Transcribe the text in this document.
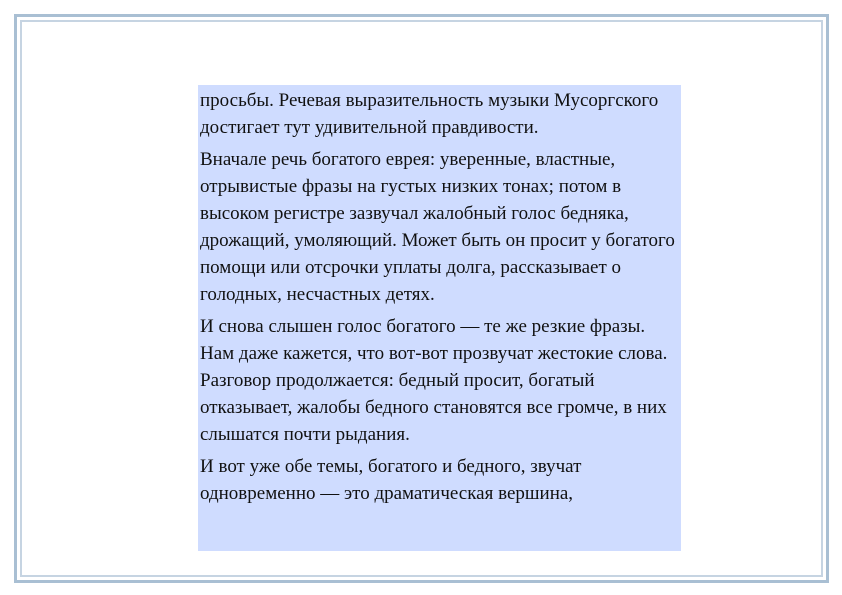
просьбы. Речевая выразительность музыки Мусоргского достигает тут удивительной правдивости.

Вначале речь богатого еврея: уверенные, властные, отрывистые фразы на густых низких тонах; потом в высоком регистре зазвучал жалобный голос бедняка, дрожащий, умоляющий. Может быть он просит у богатого помощи или отсрочки уплаты долга, рассказывает о голодных, несчастных детях.

И снова слышен голос богатого — те же резкие фразы. Нам даже кажется, что вот-вот прозвучат жестокие слова. Разговор продолжается: бедный просит, богатый отказывает, жалобы бедного становятся все громче, в них слышатся почти рыдания.

И вот уже обе темы, богатого и бедного, звучат одновременно — это драматическая вершина,
